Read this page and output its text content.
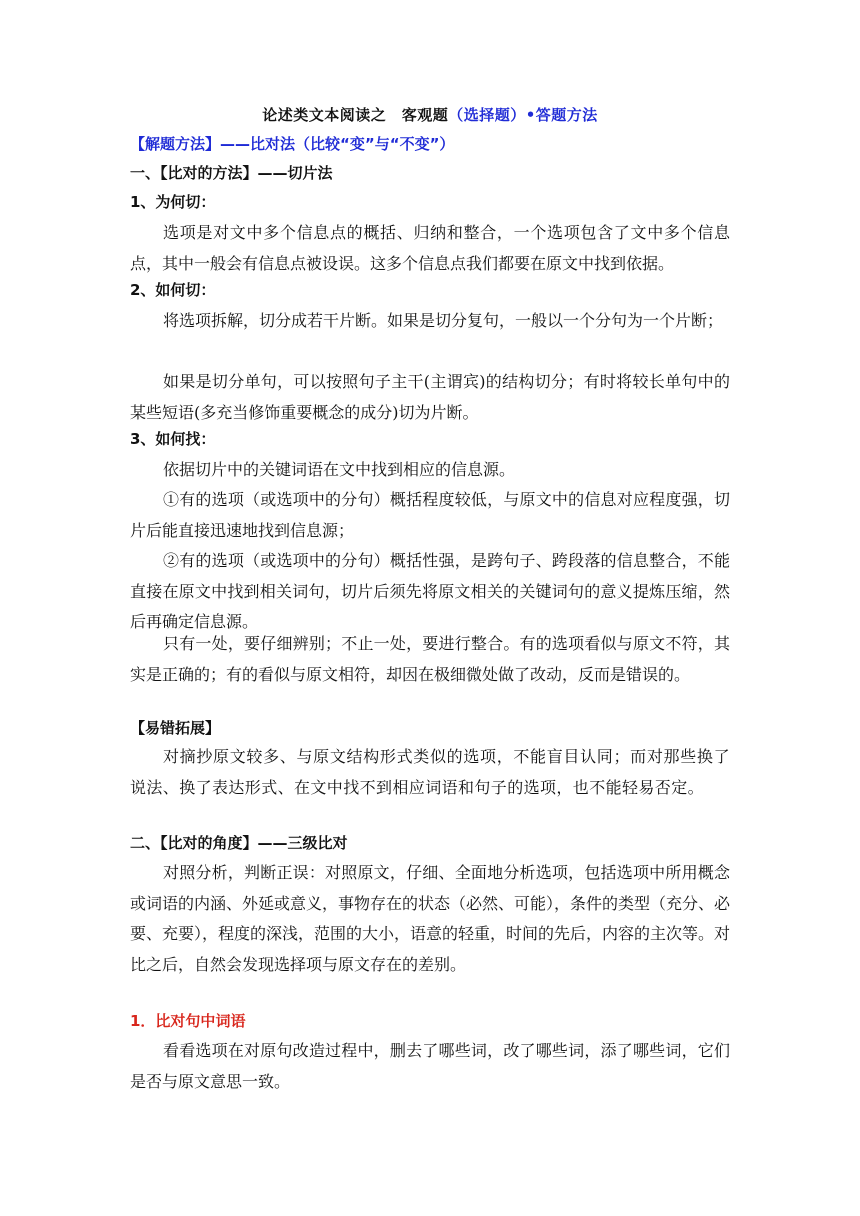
论述类文本阅读之　客观题（选择题）•答题方法
【解题方法】——比对法（比较“变”与“不变”）
一、【比对的方法】——切片法
1、为何切：
选项是对文中多个信息点的概括、归纳和整合，一个选项包含了文中多个信息点，其中一般会有信息点被设误。这多个信息点我们都要在原文中找到依据。
2、如何切：
将选项拆解，切分成若干片断。如果是切分复句，一般以一个分句为一个片断；
如果是切分单句，可以按照句子主干(主谓宾)的结构切分；有时将较长单句中的某些短语(多充当修饰重要概念的成分)切为片断。
3、如何找：
依据切片中的关键词语在文中找到相应的信息源。
①有的选项（或选项中的分句）概括程度较低，与原文中的信息对应程度强，切片后能直接迅速地找到信息源；
②有的选项（或选项中的分句）概括性强，是跨句子、跨段落的信息整合，不能直接在原文中找到相关词句，切片后须先将原文相关的关键词句的意义提炼压缩，然后再确定信息源。
只有一处，要仔细辨别；不止一处，要进行整合。有的选项看似与原文不符，其实是正确的；有的看似与原文相符，却因在极细微处做了改动，反而是错误的。
【易错拓展】
对摘抄原文较多、与原文结构形式类似的选项，不能盲目认同；而对那些换了说法、换了表达形式、在文中找不到相应词语和句子的选项，也不能轻易否定。
二、【比对的角度】——三级比对
对照分析，判断正误：对照原文，仔细、全面地分析选项，包括选项中所用概念或词语的内涵、外延或意义，事物存在的状态（必然、可能），条件的类型（充分、必要、充要），程度的深浅，范围的大小，语意的轻重，时间的先后，内容的主次等。对比之后，自然会发现选择项与原文存在的差别。
1．比对句中词语
看看选项在对原句改造过程中，删去了哪些词，改了哪些词，添了哪些词，它们是否与原文意思一致。
